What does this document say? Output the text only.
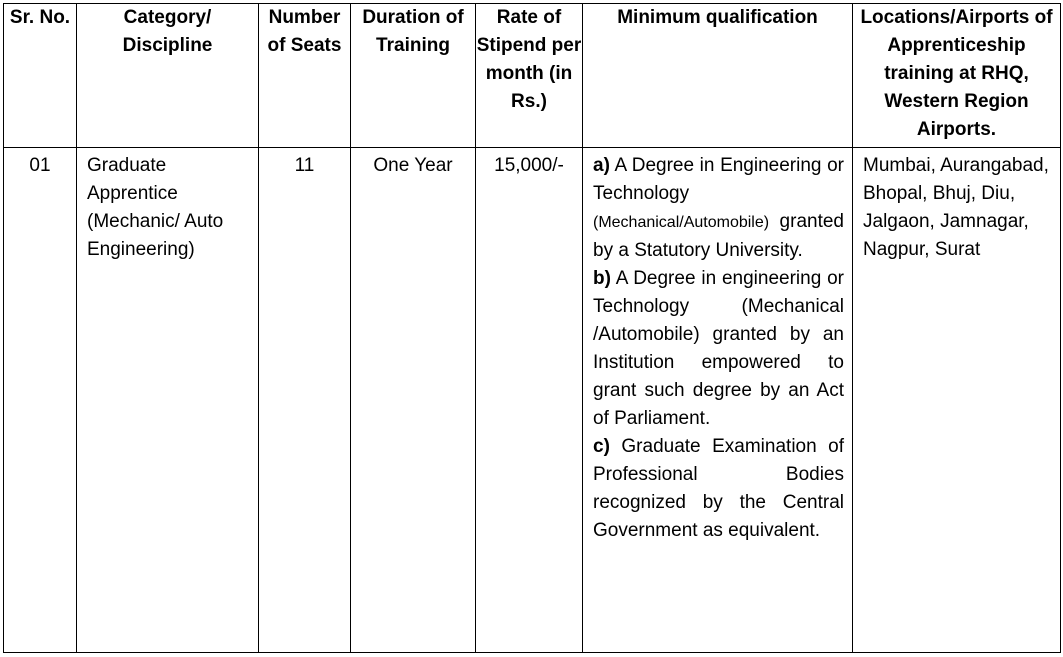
Sr. No.	Category/ Discipline	Number of Seats	Duration of Training	Rate of Stipend per month (in Rs.)	Minimum qualification	Locations/Airports of Apprenticeship training at RHQ, Western Region Airports.
01	Graduate Apprentice (Mechanic/ Auto Engineering)	11	One Year	15,000/-	a) A Degree in Engineering or Technology (Mechanical/Automobile) granted by a Statutory University.

b) A Degree in engineering or Technology (Mechanical /Automobile) granted by an Institution empowered to grant such degree by an Act of Parliament.

c) Graduate Examination of Professional Bodies recognized by the Central Government as equivalent.	Mumbai, Aurangabad, Bhopal, Bhuj, Diu, Jalgaon, Jamnagar, Nagpur, Surat
